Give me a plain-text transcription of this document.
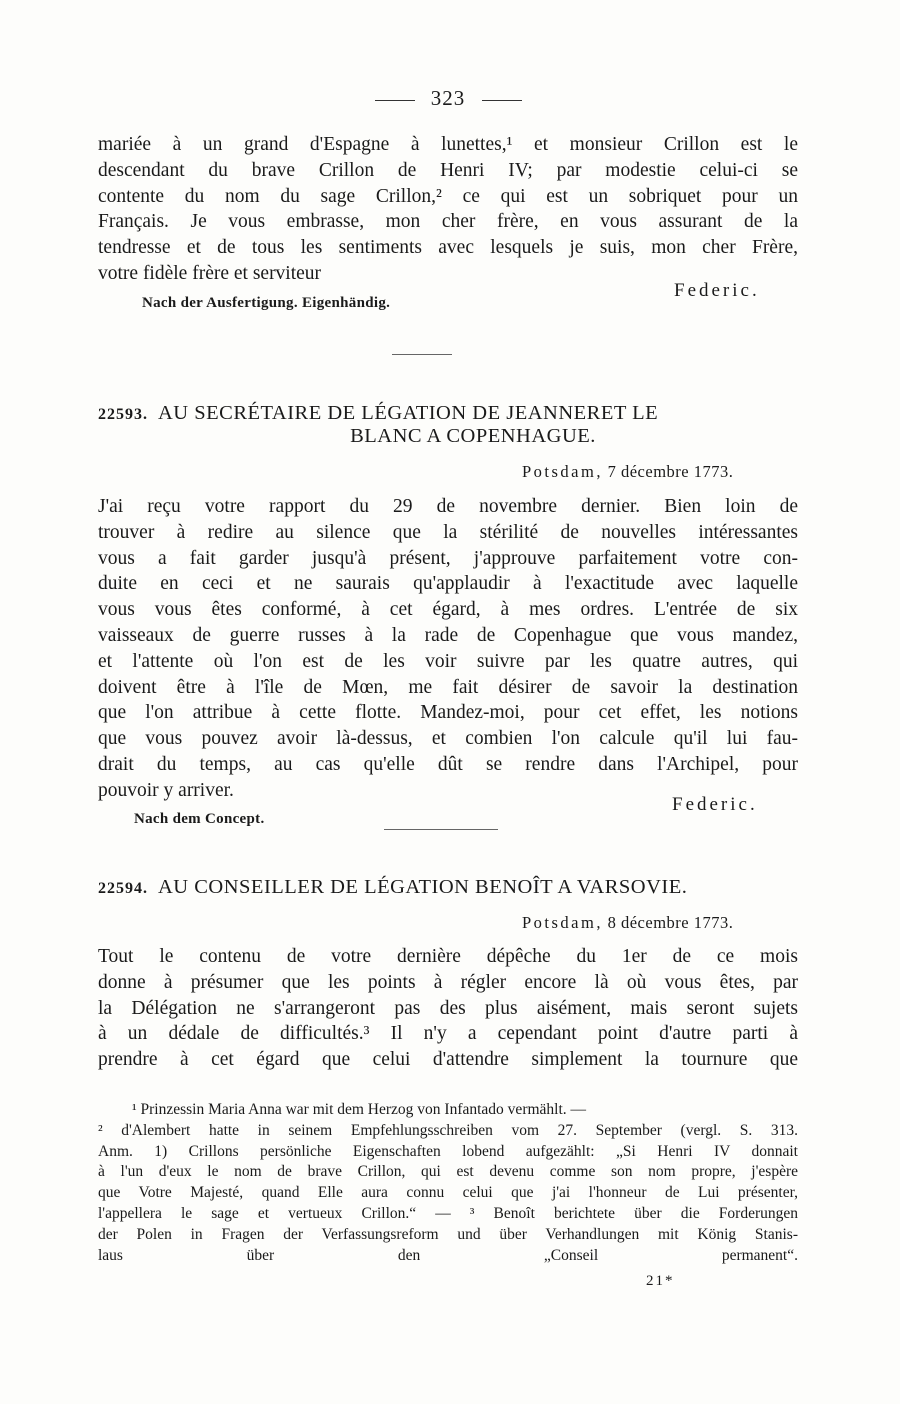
323
mariée à un grand d'Espagne à lunettes,¹ et monsieur Crillon est le
descendant du brave Crillon de Henri IV; par modestie celui-ci se
contente du nom du sage Crillon,² ce qui est un sobriquet pour un
Français. Je vous embrasse, mon cher frère, en vous assurant de la
tendresse et de tous les sentiments avec lesquels je suis, mon cher Frère,
votre fidèle frère et serviteur
Federic.
Nach der Ausfertigung. Eigenhändig.
22593. AU SECRÉTAIRE DE LÉGATION DE JEANNERET LE
BLANC A COPENHAGUE.
Potsdam, 7 décembre 1773.
J'ai reçu votre rapport du 29 de novembre dernier. Bien loin de
trouver à redire au silence que la stérilité de nouvelles intéressantes
vous a fait garder jusqu'à présent, j'approuve parfaitement votre con-
duite en ceci et ne saurais qu'applaudir à l'exactitude avec laquelle
vous vous êtes conformé, à cet égard, à mes ordres. L'entrée de six
vaisseaux de guerre russes à la rade de Copenhague que vous mandez,
et l'attente où l'on est de les voir suivre par les quatre autres, qui
doivent être à l'île de Mœn, me fait désirer de savoir la destination
que l'on attribue à cette flotte. Mandez-moi, pour cet effet, les notions
que vous pouvez avoir là-dessus, et combien l'on calcule qu'il lui fau-
drait du temps, au cas qu'elle dût se rendre dans l'Archipel, pour
pouvoir y arriver.
Federic.
Nach dem Concept.
22594. AU CONSEILLER DE LÉGATION BENOÎT A VARSOVIE.
Potsdam, 8 décembre 1773.
Tout le contenu de votre dernière dépêche du 1er de ce mois
donne à présumer que les points à régler encore là où vous êtes, par
la Délégation ne s'arrangeront pas des plus aisément, mais seront sujets
à un dédale de difficultés.³ Il n'y a cependant point d'autre parti à
prendre à cet égard que celui d'attendre simplement la tournure que
¹ Prinzessin Maria Anna war mit dem Herzog von Infantado vermählt. —
² d'Alembert hatte in seinem Empfehlungsschreiben vom 27. September (vergl. S. 313.
Anm. 1) Crillons persönliche Eigenschaften lobend aufgezählt: „Si Henri IV donnait
à l'un d'eux le nom de brave Crillon, qui est devenu comme son nom propre, j'espère
que Votre Majesté, quand Elle aura connu celui que j'ai l'honneur de Lui présenter,
l'appellera le sage et vertueux Crillon.“ — ³ Benoît berichtete über die Forderungen
der Polen in Fragen der Verfassungsreform und über Verhandlungen mit König Stanis-
laus über den „Conseil permanent“.
21*
